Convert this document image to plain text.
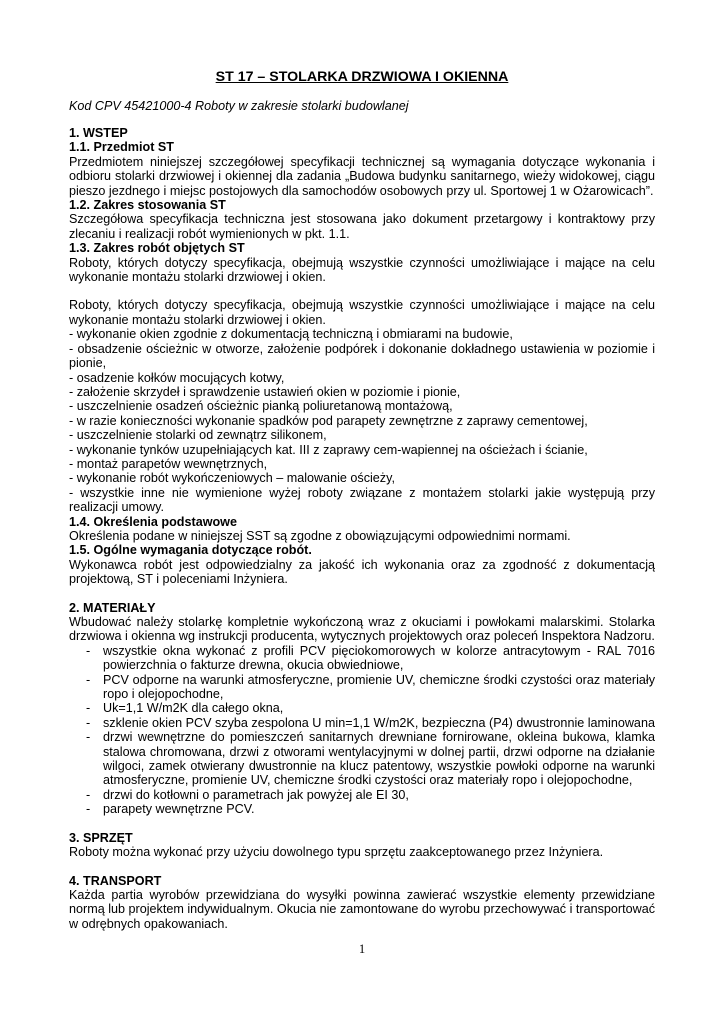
ST 17 – STOLARKA DRZWIOWA I OKIENNA
Kod CPV 45421000-4 Roboty w zakresie stolarki budowlanej
1. WSTEP
1.1. Przedmiot ST
Przedmiotem niniejszej szczegółowej specyfikacji technicznej są wymagania dotyczące wykonania i odbioru stolarki drzwiowej i okiennej dla zadania „Budowa budynku sanitarnego, wieży widokowej, ciągu pieszo jezdnego i miejsc postojowych dla samochodów osobowych przy ul. Sportowej 1 w Ożarowicach”.
1.2. Zakres stosowania ST
Szczegółowa specyfikacja techniczna jest stosowana jako dokument przetargowy i kontraktowy przy zlecaniu i realizacji robót wymienionych w pkt. 1.1.
1.3. Zakres robót objętych ST
Roboty, których dotyczy specyfikacja, obejmują wszystkie czynności umożliwiające i mające na celu wykonanie montażu stolarki drzwiowej i okien.
Roboty, których dotyczy specyfikacja, obejmują wszystkie czynności umożliwiające i mające na celu wykonanie montażu stolarki drzwiowej i okien.
- wykonanie okien zgodnie z dokumentacją techniczną i obmiarami na budowie,
- obsadzenie ościeżnic w otworze, założenie podpórek i dokonanie dokładnego ustawienia w poziomie i pionie,
- osadzenie kołków mocujących kotwy,
- założenie skrzydeł i sprawdzenie ustawień okien w poziomie i pionie,
- uszczelnienie osadzeń ościeżnic pianką poliuretanową montażową,
- w razie konieczności wykonanie spadków pod parapety zewnętrzne z zaprawy cementowej,
- uszczelnienie stolarki od zewnątrz silikonem,
- wykonanie tynków uzupełniających kat. III z zaprawy cem-wapiennej na ościeżach i ścianie,
- montaż parapetów wewnętrznych,
- wykonanie robót wykończeniowych – malowanie ościeży,
- wszystkie inne nie wymienione wyżej roboty związane z montażem stolarki jakie występują przy realizacji umowy.
1.4. Określenia podstawowe
Określenia podane w niniejszej SST są zgodne z obowiązującymi odpowiednimi normami.
1.5. Ogólne wymagania dotyczące robót.
Wykonawca robót jest odpowiedzialny za jakość ich wykonania oraz za zgodność z dokumentacją projektową, ST i poleceniami Inżyniera.
2. MATERIAŁY
Wbudować należy stolarkę kompletnie wykończoną wraz z okuciami i powłokami malarskimi. Stolarka drzwiowa i okienna wg instrukcji producenta, wytycznych projektowych oraz poleceń Inspektora Nadzoru.
- wszystkie okna wykonać z profili PCV pięciokomorowych w kolorze antracytowym - RAL 7016 powierzchnia o fakturze drewna, okucia obwiedniowe,
- PCV odporne na warunki atmosferyczne, promienie UV, chemiczne środki czystości oraz materiały ropo i olejopochodne,
- Uk=1,1 W/m2K dla całego okna,
- szklenie okien PCV szyba zespolona U min=1,1 W/m2K, bezpieczna (P4) dwustronnie laminowana
- drzwi wewnętrzne do pomieszczeń sanitarnych drewniane fornirowane, okleina bukowa, klamka stalowa chromowana, drzwi z otworami wentylacyjnymi w dolnej partii, drzwi odporne na działanie wilgoci, zamek otwierany dwustronnie na klucz patentowy, wszystkie powłoki odporne na warunki atmosferyczne, promienie UV, chemiczne środki czystości oraz materiały ropo i olejopochodne,
- drzwi do kotłowni o parametrach jak powyżej ale EI 30,
- parapety wewnętrzne PCV.
3. SPRZĘT
Roboty można wykonać przy użyciu dowolnego typu sprzętu zaakceptowanego przez Inżyniera.
4. TRANSPORT
Każda partia wyrobów przewidziana do wysyłki powinna zawierać wszystkie elementy przewidziane normą lub projektem indywidualnym. Okucia nie zamontowane do wyrobu przechowywać i transportować w odrębnych opakowaniach.
1
